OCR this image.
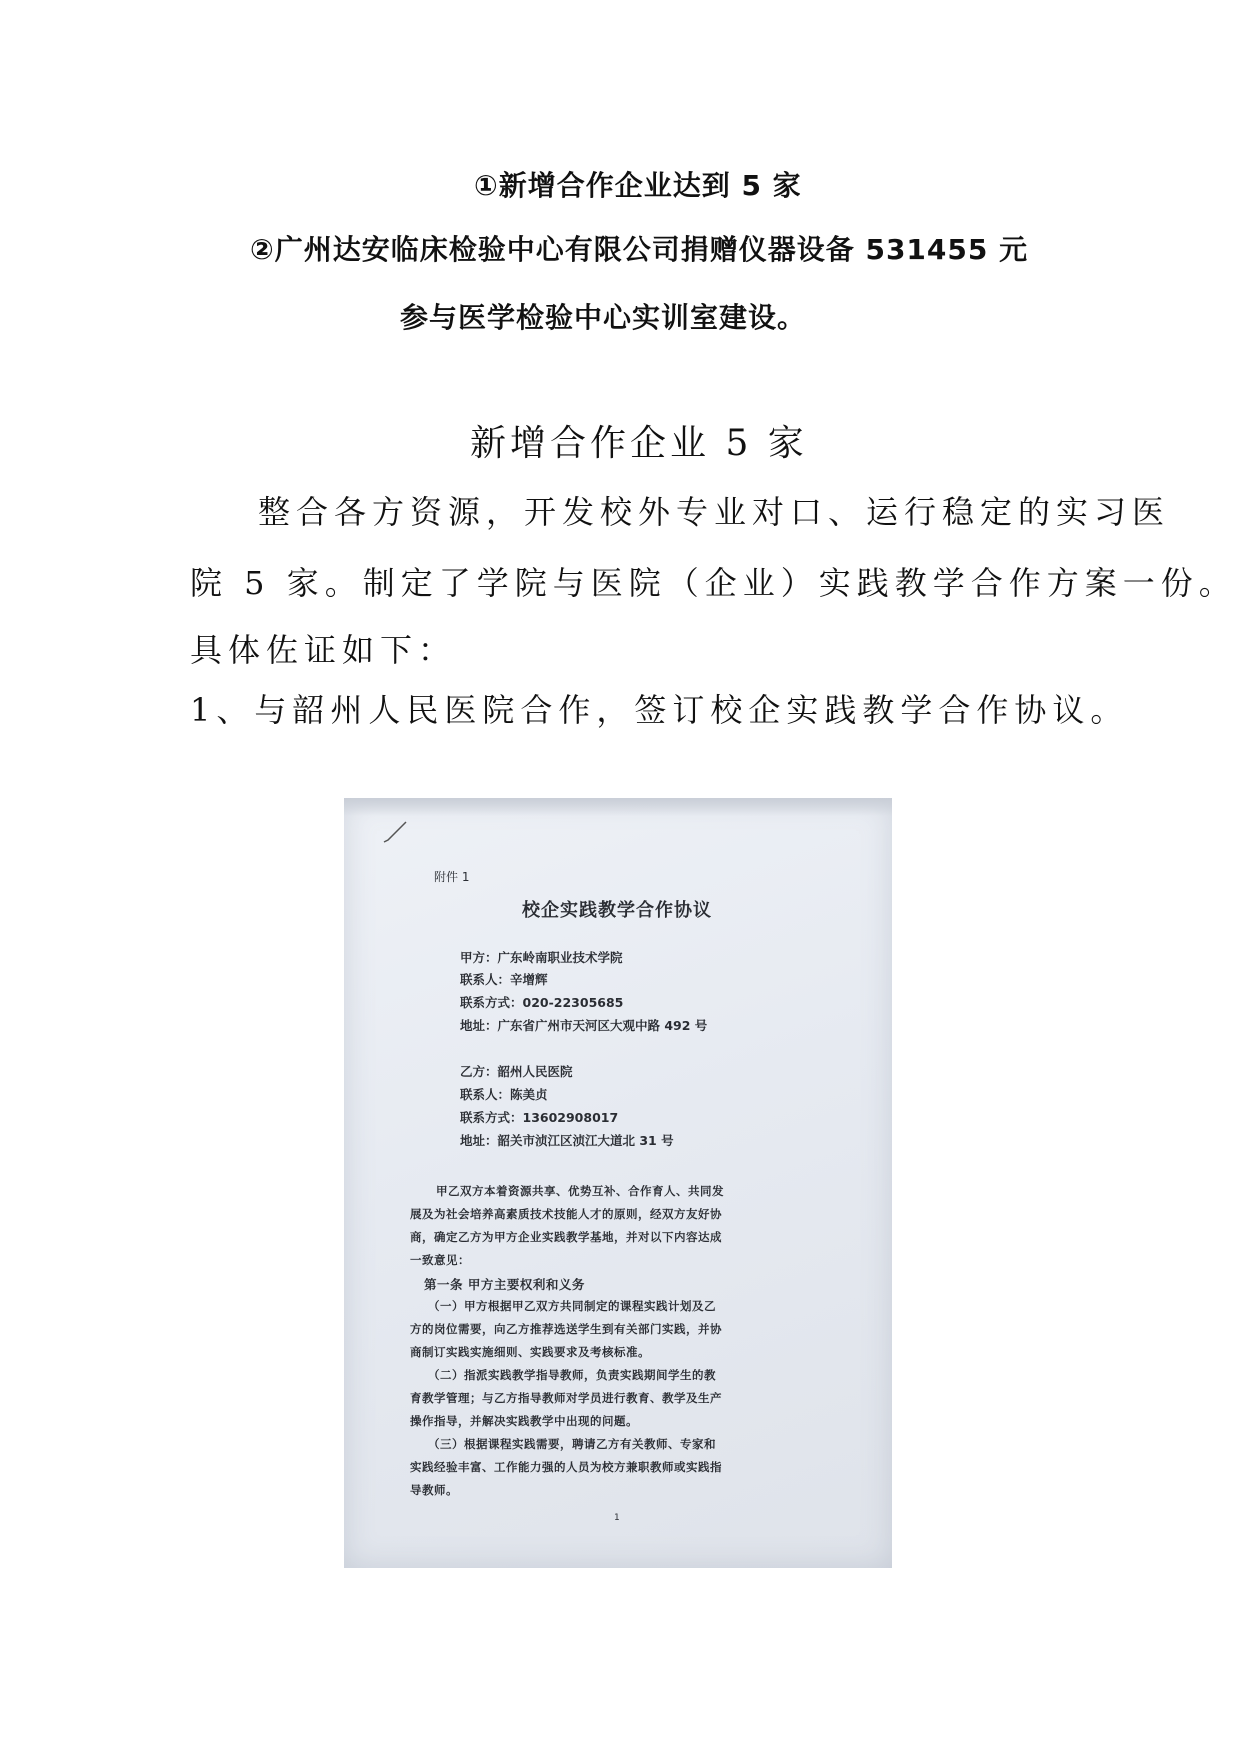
①新增合作企业达到 5 家
②广州达安临床检验中心有限公司捐赠仪器设备 531455 元
参与医学检验中心实训室建设。
新增合作企业 5 家
整合各方资源，开发校外专业对口、运行稳定的实习医
院 5 家。制定了学院与医院（企业）实践教学合作方案一份。
具体佐证如下：
1、与韶州人民医院合作，签订校企实践教学合作协议。
附件 1
校企实践教学合作协议
甲方：广东岭南职业技术学院
联系人：辛增辉
联系方式：020-22305685
地址：广东省广州市天河区大观中路 492 号
乙方：韶州人民医院
联系人：陈美贞
联系方式：13602908017
地址：韶关市浈江区浈江大道北 31 号
甲乙双方本着资源共享、优势互补、合作育人、共同发
展及为社会培养高素质技术技能人才的原则，经双方友好协
商，确定乙方为甲方企业实践教学基地，并对以下内容达成
一致意见：
第一条 甲方主要权利和义务
（一）甲方根据甲乙双方共同制定的课程实践计划及乙
方的岗位需要，向乙方推荐选送学生到有关部门实践，并协
商制订实践实施细则、实践要求及考核标准。
（二）指派实践教学指导教师，负责实践期间学生的教
育教学管理；与乙方指导教师对学员进行教育、教学及生产
操作指导，并解决实践教学中出现的问题。
（三）根据课程实践需要，聘请乙方有关教师、专家和
实践经验丰富、工作能力强的人员为校方兼职教师或实践指
导教师。
1
